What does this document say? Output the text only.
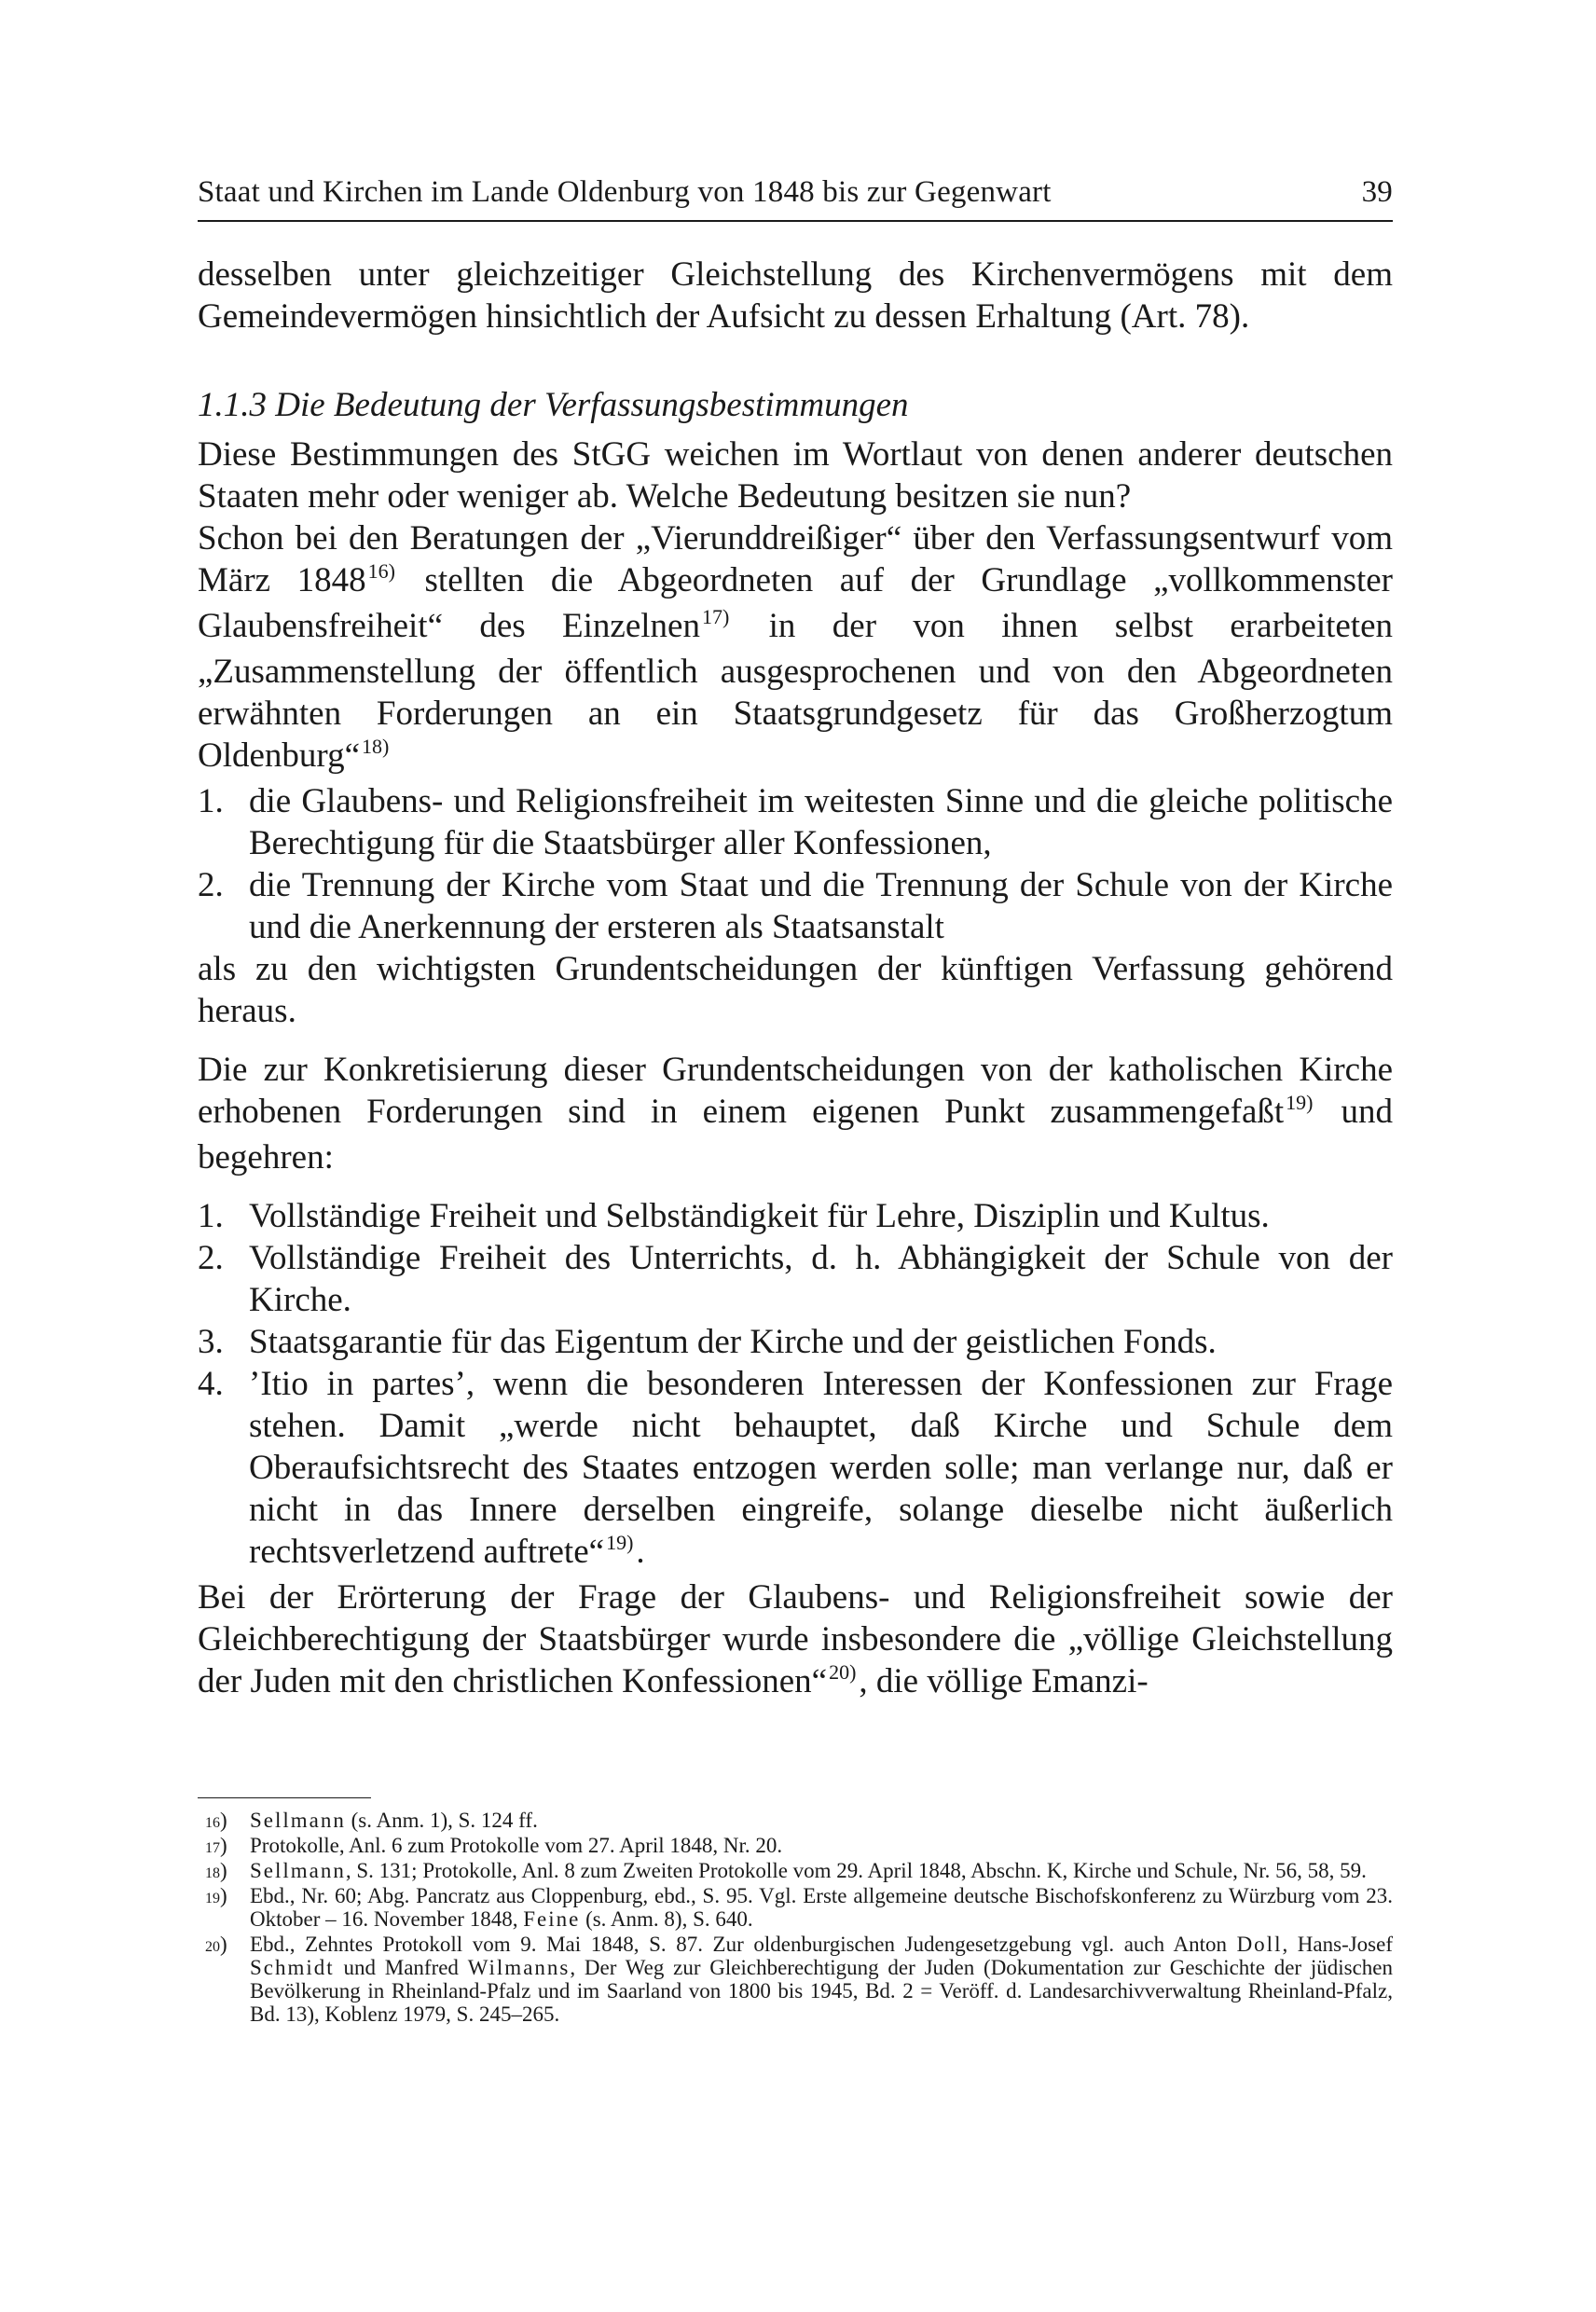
Staat und Kirchen im Lande Oldenburg von 1848 bis zur Gegenwart	39

desselben unter gleichzeitiger Gleichstellung des Kirchenvermögens mit dem Gemeindevermögen hinsichtlich der Aufsicht zu dessen Erhaltung (Art. 78).

1.1.3 Die Bedeutung der Verfassungsbestimmungen

Diese Bestimmungen des StGG weichen im Wortlaut von denen anderer deutschen Staaten mehr oder weniger ab. Welche Bedeutung besitzen sie nun?

Schon bei den Beratungen der „Vierunddreißiger“ über den Verfassungsentwurf vom März 1848$^{16)}$ stellten die Abgeordneten auf der Grundlage „vollkommenster Glaubensfreiheit“ des Einzelnen$^{17)}$ in der von ihnen selbst erarbeiteten „Zusammenstellung der öffentlich ausgesprochenen und von den Abgeordneten erwähnten Forderungen an ein Staatsgrundgesetz für das Großherzogtum Oldenburg“$^{18)}$

1. die Glaubens- und Religionsfreiheit im weitesten Sinne und die gleiche politische Berechtigung für die Staatsbürger aller Konfessionen,
2. die Trennung der Kirche vom Staat und die Trennung der Schule von der Kirche und die Anerkennung der ersteren als Staatsanstalt

als zu den wichtigsten Grundentscheidungen der künftigen Verfassung gehörend heraus.

Die zur Konkretisierung dieser Grundentscheidungen von der katholischen Kirche erhobenen Forderungen sind in einem eigenen Punkt zusammengefaßt$^{19)}$ und begehren:

1. Vollständige Freiheit und Selbständigkeit für Lehre, Disziplin und Kultus.
2. Vollständige Freiheit des Unterrichts, d. h. Abhängigkeit der Schule von der Kirche.
3. Staatsgarantie für das Eigentum der Kirche und der geistlichen Fonds.
4. ’Itio in partes’, wenn die besonderen Interessen der Konfessionen zur Frage stehen. Damit „werde nicht behauptet, daß Kirche und Schule dem Oberaufsichtsrecht des Staates entzogen werden solle; man verlange nur, daß er nicht in das Innere derselben eingreife, solange dieselbe nicht äußerlich rechtsverletzend auftrete“$^{19)}$.

Bei der Erörterung der Frage der Glaubens- und Religionsfreiheit sowie der Gleichberechtigung der Staatsbürger wurde insbesondere die „völlige Gleichstellung der Juden mit den christlichen Konfessionen“$^{20)}$, die völlige Emanzi-

16) Sellmann (s. Anm. 1), S. 124 ff.

17) Protokolle, Anl. 6 zum Protokolle vom 27. April 1848, Nr. 20.

18) Sellmann, S. 131; Protokolle, Anl. 8 zum Zweiten Protokolle vom 29. April 1848, Abschn. K, Kirche und Schule, Nr. 56, 58, 59.

19) Ebd., Nr. 60; Abg. Pancratz aus Cloppenburg, ebd., S. 95. Vgl. Erste allgemeine deutsche Bischofskonferenz zu Würzburg vom 23. Oktober – 16. November 1848, Feine (s. Anm. 8), S. 640.

20) Ebd., Zehntes Protokoll vom 9. Mai 1848, S. 87. Zur oldenburgischen Judengesetzgebung vgl. auch Anton Doll, Hans-Josef Schmidt und Manfred Wilmanns, Der Weg zur Gleichberechtigung der Juden (Dokumentation zur Geschichte der jüdischen Bevölkerung in Rheinland-Pfalz und im Saarland von 1800 bis 1945, Bd. 2 = Veröff. d. Landesarchivverwaltung Rheinland-Pfalz, Bd. 13), Koblenz 1979, S. 245–265.
